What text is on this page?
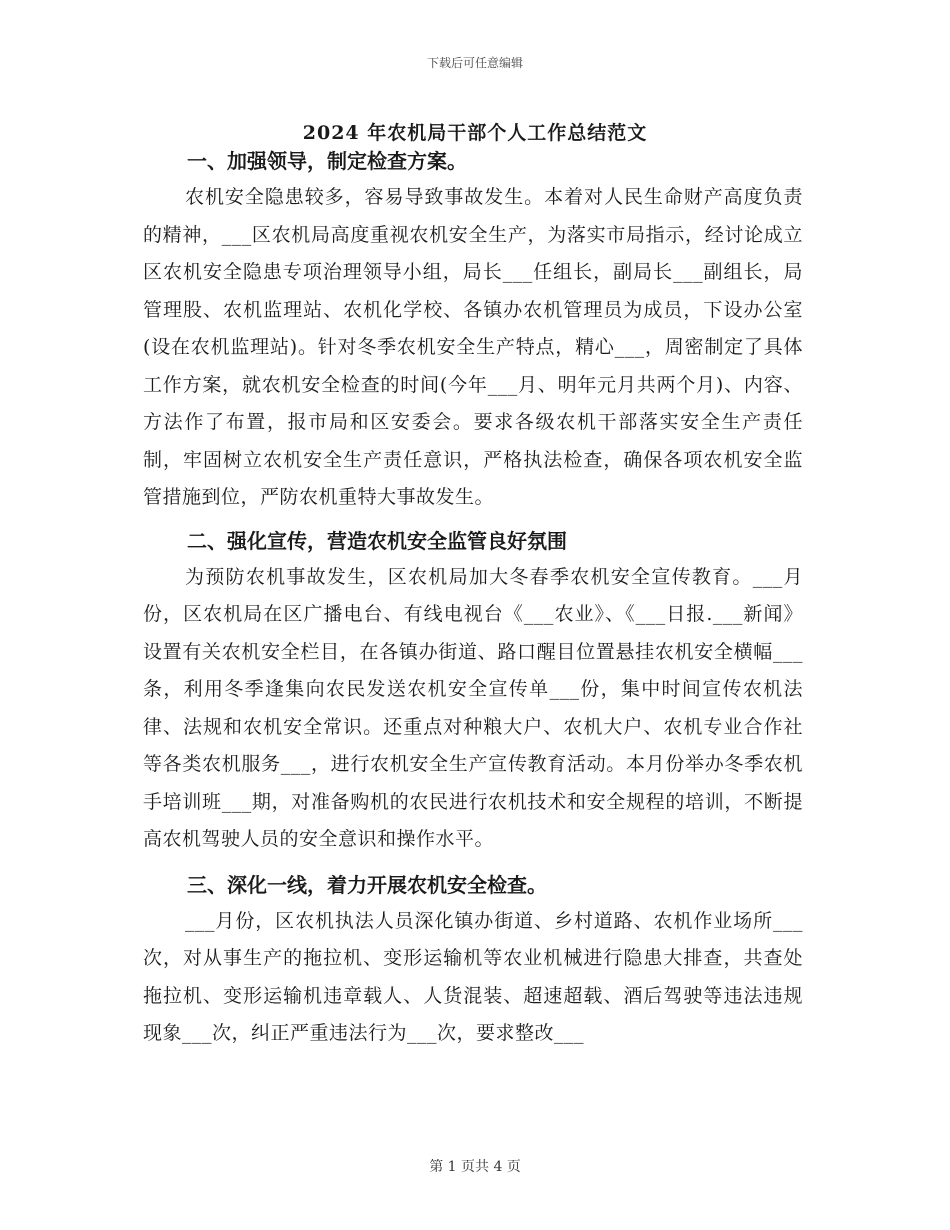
下载后可任意编辑
2024 年农机局干部个人工作总结范文

一、加强领导，制定检查方案。

农机安全隐患较多，容易导致事故发生。本着对人民生命财产高度负责的精神，___区农机局高度重视农机安全生产，为落实市局指示，经讨论成立区农机安全隐患专项治理领导小组，局长___任组长，副局长___副组长，局管理股、农机监理站、农机化学校、各镇办农机管理员为成员，下设办公室(设在农机监理站)。针对冬季农机安全生产特点，精心___，周密制定了具体工作方案，就农机安全检查的时间(今年___月、明年元月共两个月)、内容、方法作了布置，报市局和区安委会。要求各级农机干部落实安全生产责任制，牢固树立农机安全生产责任意识，严格执法检查，确保各项农机安全监管措施到位，严防农机重特大事故发生。

二、强化宣传，营造农机安全监管良好氛围

为预防农机事故发生，区农机局加大冬春季农机安全宣传教育。___月份，区农机局在区广播电台、有线电视台《___农业》、《___日报.___新闻》设置有关农机安全栏目，在各镇办街道、路口醒目位置悬挂农机安全横幅___条，利用冬季逢集向农民发送农机安全宣传单___份，集中时间宣传农机法律、法规和农机安全常识。还重点对种粮大户、农机大户、农机专业合作社等各类农机服务___，进行农机安全生产宣传教育活动。本月份举办冬季农机手培训班___期，对准备购机的农民进行农机技术和安全规程的培训，不断提高农机驾驶人员的安全意识和操作水平。

三、深化一线，着力开展农机安全检查。

___月份，区农机执法人员深化镇办街道、乡村道路、农机作业场所___次，对从事生产的拖拉机、变形运输机等农业机械进行隐患大排查，共查处拖拉机、变形运输机违章载人、人货混装、超速超载、酒后驾驶等违法违规现象___次，纠正严重违法行为___次，要求整改___

第 1 页共 4 页
